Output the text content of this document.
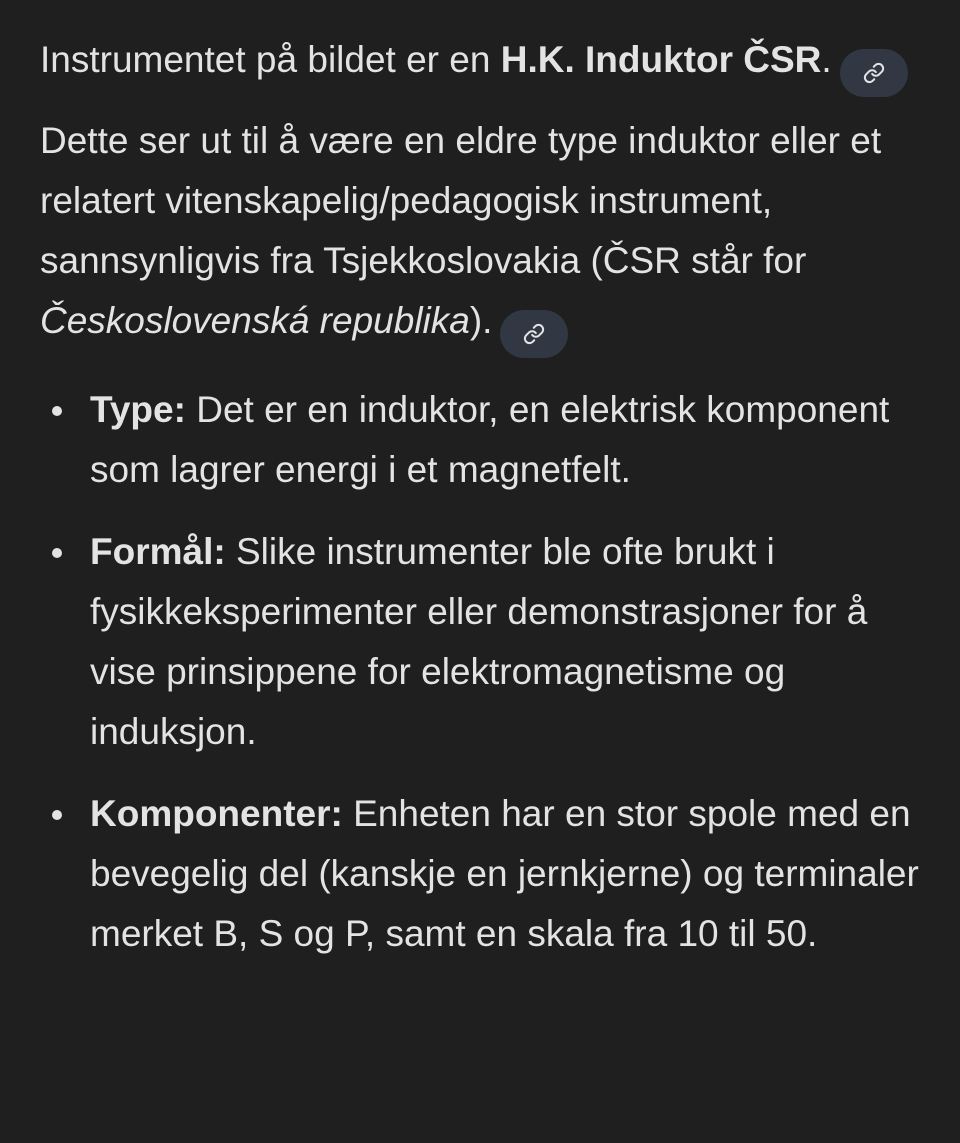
Instrumentet på bildet er en H.K. Induktor ČSR.

Dette ser ut til å være en eldre type induktor eller et relatert vitenskapelig/pedagogisk instrument, sannsynligvis fra Tsjekkoslovakia (ČSR står for Československá republika).

Type: Det er en induktor, en elektrisk komponent som lagrer energi i et magnetfelt.

Formål: Slike instrumenter ble ofte brukt i fysikkeksperimenter eller demonstrasjoner for å vise prinsippene for elektromagnetisme og induksjon.

Komponenter: Enheten har en stor spole med en bevegelig del (kanskje en jernkjerne) og terminaler merket B, S og P, samt en skala fra 10 til 50.
